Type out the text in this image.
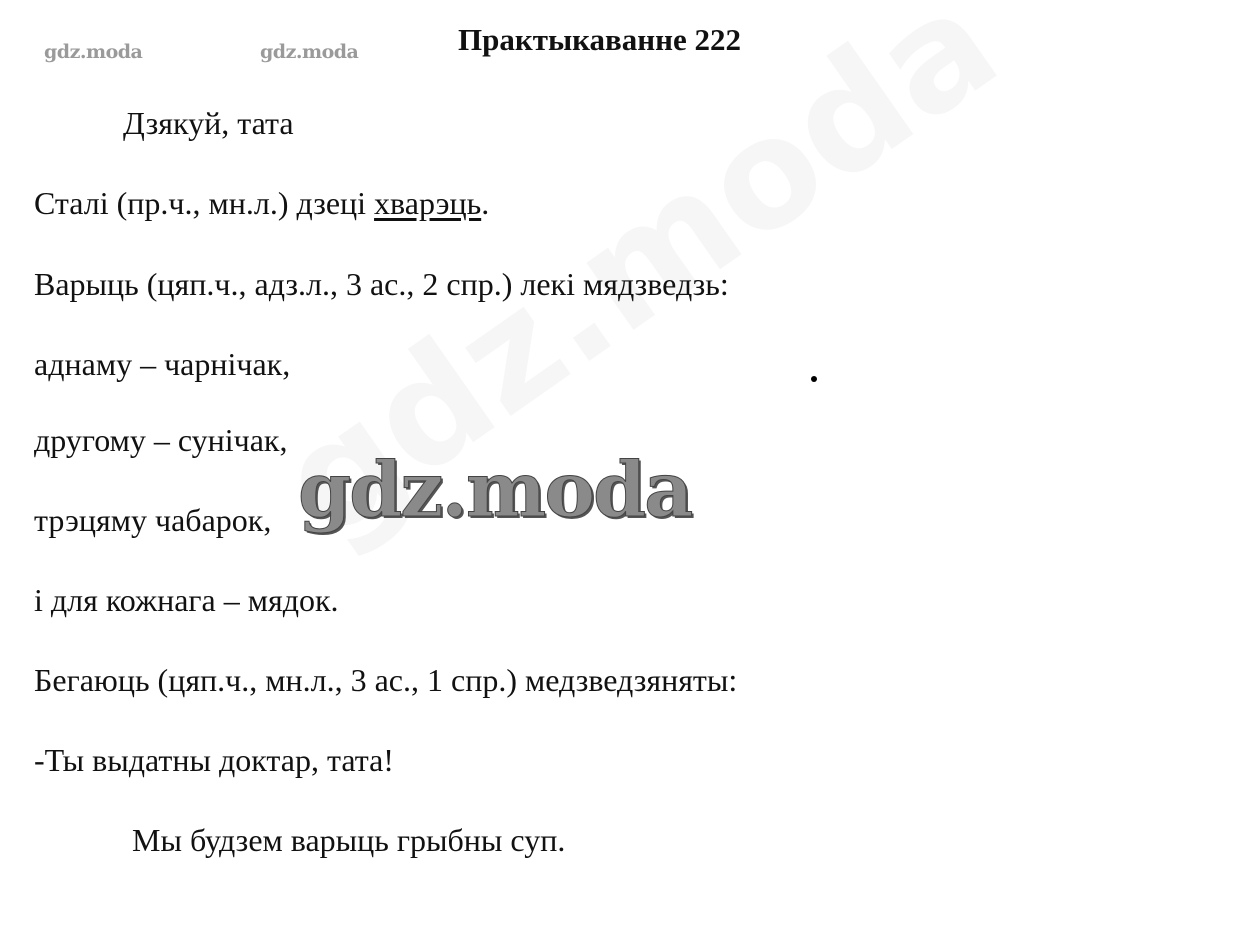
gdz.moda	gdz.moda	Практыкаванне 222
Дзякуй, тата
Сталі (пр.ч., мн.л.) дзеці хварэць.
Варыць (цяп.ч., адз.л., 3 ас., 2 спр.) лекі мядзведзь:
аднаму – чарнічак,
другому – сунічак,
трэцяму чабарок,
і для кожнага – мядок.
Бегаюць (цяп.ч., мн.л., 3 ас., 1 спр.) медзведзяняты:
-Ты выдатны доктар, тата!
Мы будзем варыць грыбны суп.
gdz.moda
